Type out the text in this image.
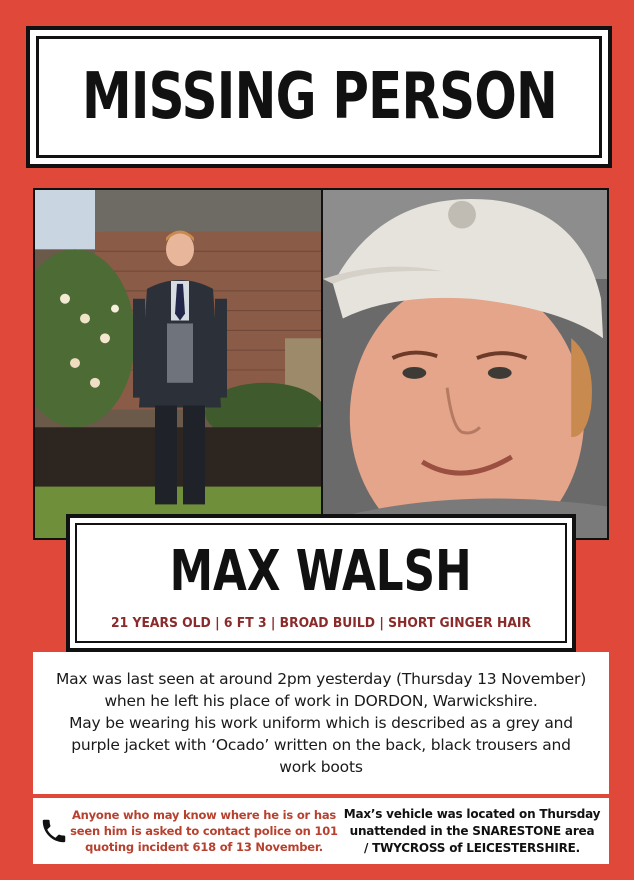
MISSING PERSON
MAX WALSH
21 YEARS OLD | 6 FT 3 | BROAD BUILD | SHORT GINGER HAIR
Max was last seen at around 2pm yesterday (Thursday 13 November)
when he left his place of work in DORDON, Warwickshire.
May be wearing his work uniform which is described as a grey and
purple jacket with ‘Ocado’ written on the back, black trousers and
work boots
Anyone who may know where he is or has
seen him is asked to contact police on 101
quoting incident 618 of 13 November.
Max’s vehicle was located on Thursday
unattended in the SNARESTONE area
/ TWYCROSS of LEICESTERSHIRE.
